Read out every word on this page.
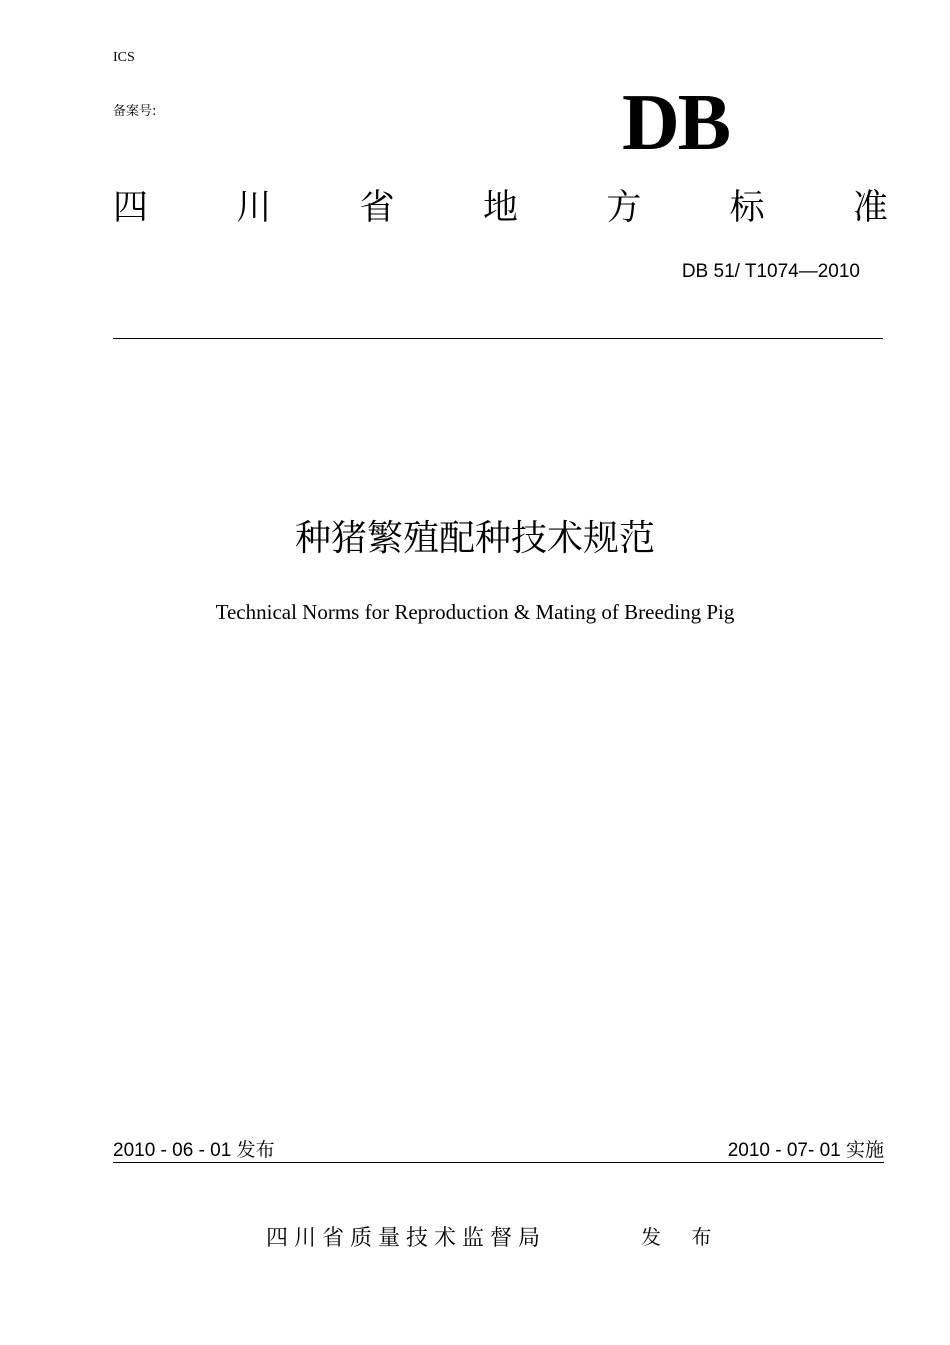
ICS
备案号:	DB
四	川	省	地	方	标	准
DB 51/ T1074—2010
种猪繁殖配种技术规范
Technical Norms for Reproduction & Mating of Breeding Pig
2010 - 06 - 01 发布	2010 - 07- 01 实施
四川省质量技术监督局	发 布
